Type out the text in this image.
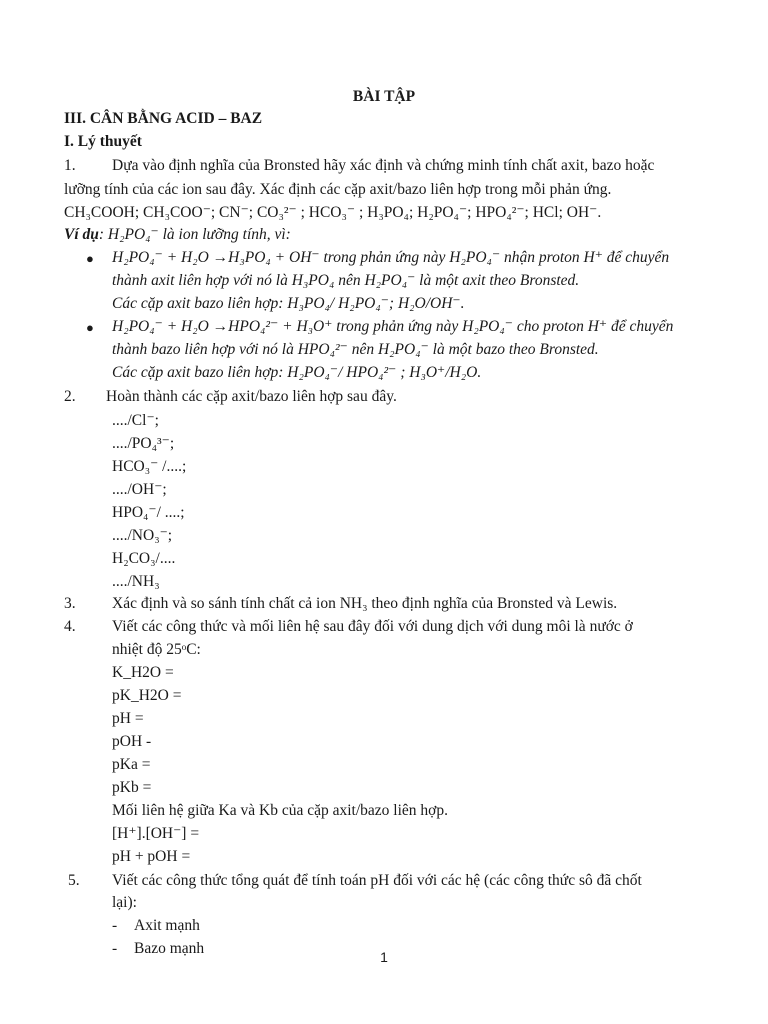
BÀI TẬP
III. CÂN BẰNG ACID – BAZ
I. Lý thuyết
1. Dựa vào định nghĩa của Bronsted hãy xác định và chứng minh tính chất axit, bazo hoặc
lưỡng tính của các ion sau đây. Xác định các cặp axit/bazo liên hợp trong mỗi phản ứng.
CH₃COOH; CH₃COO⁻; CN⁻; CO₃²⁻ ; HCO₃⁻ ; H₃PO₄; H₂PO₄⁻; HPO₄²⁻; HCl; OH⁻.
Ví dụ: H₂PO₄⁻ là ion lưỡng tính, vì:
● H₂PO₄⁻ + H₂O →H₃PO₄ + OH⁻ trong phản ứng này H₂PO₄⁻ nhận proton H⁺ để chuyển
thành axit liên hợp với nó là H₃PO₄ nên H₂PO₄⁻ là một axit theo Bronsted.
Các cặp axit bazo liên hợp: H₃PO₄/ H₂PO₄⁻; H₂O/OH⁻.
● H₂PO₄⁻ + H₂O →HPO₄²⁻ + H₃O⁺ trong phản ứng này H₂PO₄⁻ cho proton H⁺ để chuyển
thành bazo liên hợp với nó là HPO₄²⁻ nên H₂PO₄⁻ là một bazo theo Bronsted.
Các cặp axit bazo liên hợp: H₂PO₄⁻/ HPO₄²⁻ ; H₃O⁺/H₂O.
2. Hoàn thành các cặp axit/bazo liên hợp sau đây.
..../Cl⁻;
..../PO₄³⁻;
HCO₃⁻ /....;
..../OH⁻;
HPO₄⁻/ ....;
..../NO₃⁻;
H₂CO₃/....
..../NH₃
3. Xác định và so sánh tính chất cả ion NH₃ theo định nghĩa của Bronsted và Lewis.
4. Viết các công thức và mối liên hệ sau đây đối với dung dịch với dung môi là nước ở
nhiệt độ 25ᵒC:
K_H2O =
pK_H2O =
pH =
pOH -
pKa =
pKb =
Mối liên hệ giữa Ka và Kb của cặp axit/bazo liên hợp.
[H⁺].[OH⁻] =
pH + pOH =
5. Viết các công thức tổng quát để tính toán pH đối với các hệ (các công thức sô đã chốt
lại):
- Axit mạnh
- Bazo mạnh	1
